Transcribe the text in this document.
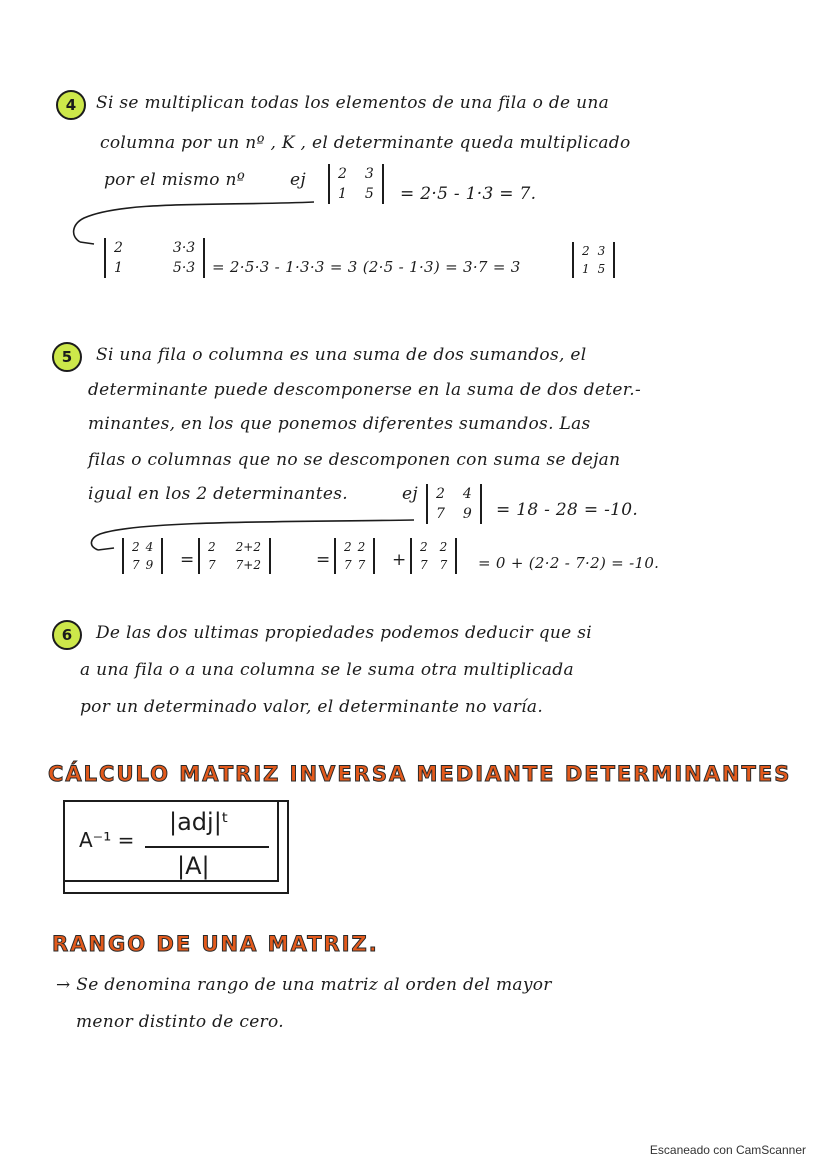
4	Si se multiplican todas los elementos de una fila o de una
columna por un nº , K , el determinante queda multiplicado
por el mismo nº	ej 2 3
1 5 = 2·5 - 1·3 = 7.
2	3·3
1	5·3 = 2·5·3 - 1·3·3 = 3 (2·5 - 1·3) = 3·7 = 3
2 3
1 5
5	Si una fila o columna es una suma de dos sumandos, el
determinante puede descomponerse en la suma de dos deter.-
minantes, en los que ponemos diferentes sumandos. Las
filas o columnas que no se descomponen con suma se dejan
igual en los 2 determinantes.	ej 2 4
7 9 = 18 - 28 = -10.
2 4
7 9 =
2 2+2
7 7+2	=
2 2
7 7 +
2 2
7 7 = 0 + (2·2 - 7·2) = -10.
6	De las dos ultimas propiedades podemos deducir que si
a una fila o a una columna se le suma otra multiplicada
por un determinado valor, el determinante no varía.
CÁLCULO MATRIZ INVERSA MEDIANTE DETERMINANTES
A⁻¹ =
|adj|ᵗ
|A|
RANGO DE UNA MATRIZ.
→ Se denomina rango de una matriz al orden del mayor
menor distinto de cero.
Escaneado con CamScanner
